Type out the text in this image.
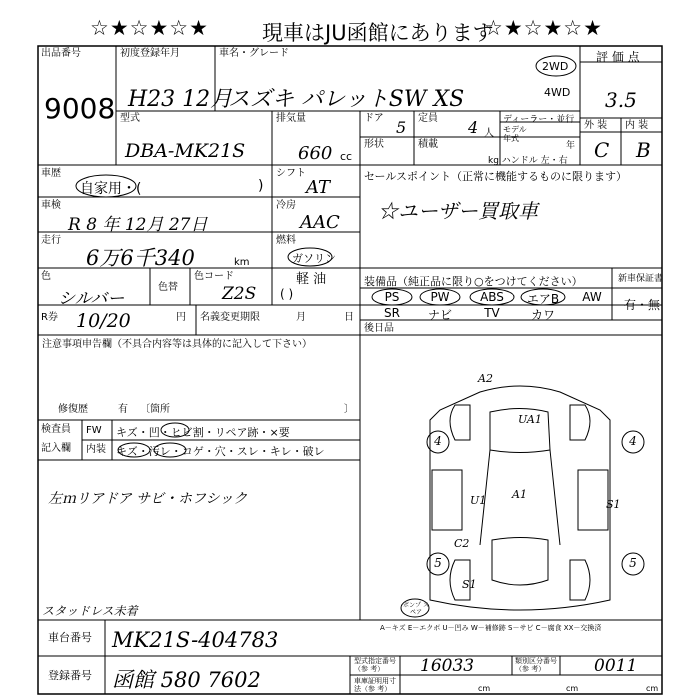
☆★☆★☆★	現車はJU函館にあります
☆★☆★☆★
出品番号
9008
初度登録年月
H23 12月
車名・グレード
スズキ パレットSW XS
2WD
4WD
評 価 点
3.5
型式
DBA-MK21S
排気量
660 cc
ドア 5 定員 4 人
ディーラー・並行
モデル年式
年
形状	積載
kg ハンドル 左・右
外 装 内 装
C B
車歴
自家用・(	)
シフト
AT
セールスポイント（正常に機能するものに限ります）
☆ユーザー買取車
車検
R 8 年 12月 27日
冷房
AAC
走行
6万6千340	km
燃料
ガソリン
軽 油
( )
色
シルバー
色替
色コード
Z2S
装備品（純正品に限り○をつけてください）	新車保証書
有・無
PS	PW	ABS	エアB	AW
SR	ナビ	TV	カワ
後日品
R券 10/20	円 名義変更期限	月	日
注意事項申告欄（不具合内容等は具体的に記入して下さい）
修復歴	有 〔箇所	〕
検査員
記入欄
FW
内装
キズ・凹・ヒビ割・リペア跡・×要
キズ・汚レ・コゲ・穴・スレ・キレ・破レ
左ｍリアドア サビ・ホフシック
スタッドレス未着
A2
UA1
U1 A1
S1
C2
S1
4	4
5	5
ボンプ スペア
A－キズ E－エクボ U－凹み W－補修跡 S－サビ C－腐食 XX－交換済
車台番号 MK21S-404783
登録番号 函館 580 7602
型式指定番号（参 考）	16033	類別区分番号（参 考）	0011
車庫証明用寸法（参 考）	cm	cm	cm
